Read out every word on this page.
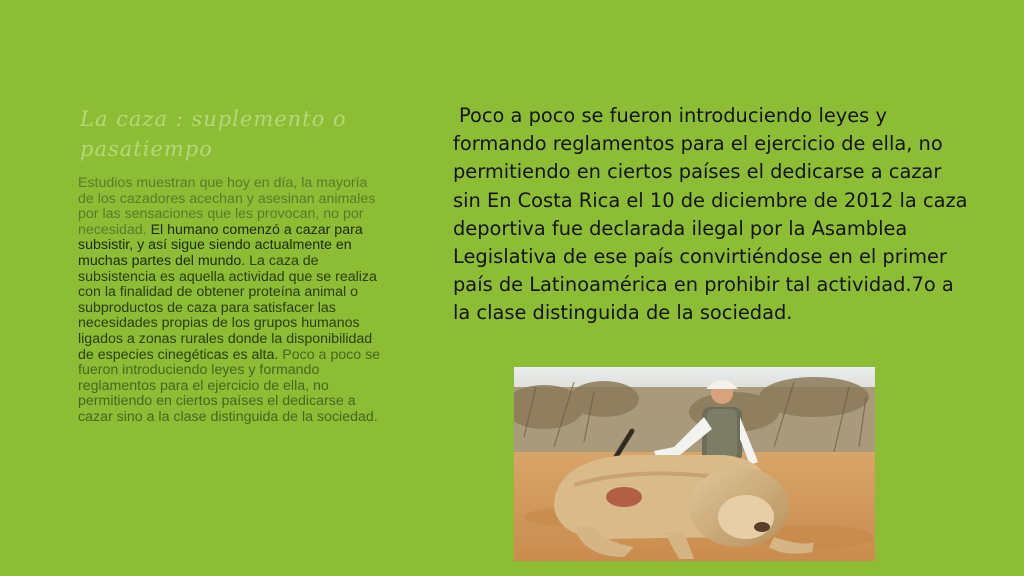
La caza : suplemento o pasatiempo
Estudios muestran que hoy en día, la mayoría de los cazadores acechan y asesinan animales por las sensaciones que les provocan, no por necesidad. El humano comenzó a cazar para subsistir, y así sigue siendo actualmente en muchas partes del mundo. La caza de subsistencia es aquella actividad que se realiza con la finalidad de obtener proteína animal o subproductos de caza para satisfacer las necesidades propias de los grupos humanos ligados a zonas rurales donde la disponibilidad de especies cinegéticas es alta. Poco a poco se fueron introduciendo leyes y formando reglamentos para el ejercicio de ella, no permitiendo en ciertos países el dedicarse a cazar sino a la clase distinguida de la sociedad.
Poco a poco se fueron introduciendo leyes y formando reglamentos para el ejercicio de ella, no permitiendo en ciertos países el dedicarse a cazar sin En Costa Rica el 10 de diciembre de 2012 la caza deportiva fue declarada ilegal por la Asamblea Legislativa de ese país convirtiéndose en el primer país de Latinoamérica en prohibir tal actividad.7o a la clase distinguida de la sociedad.
